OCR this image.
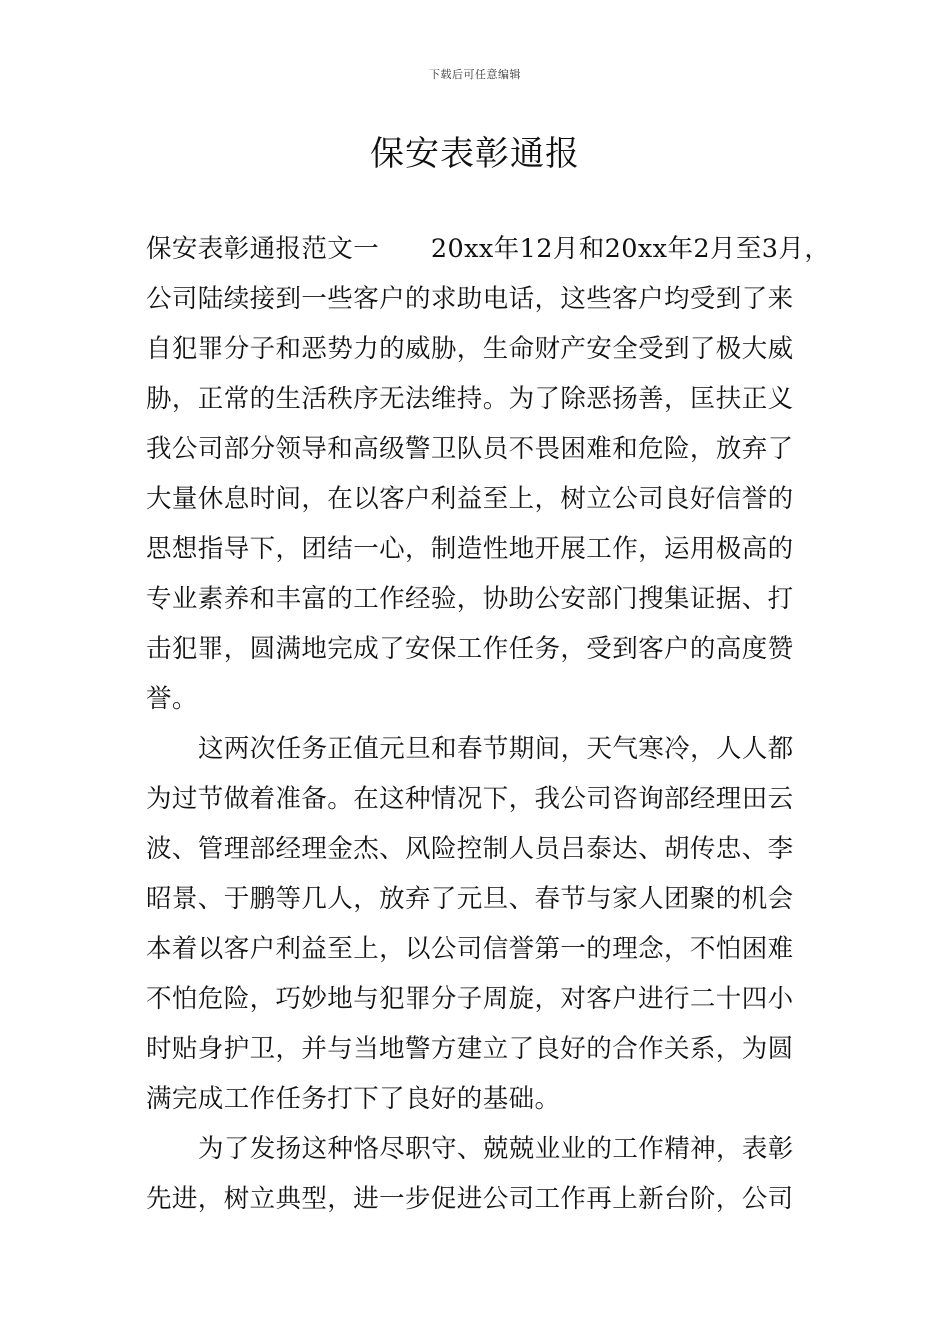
下载后可任意编辑
保安表彰通报
保安表彰通报范文一　　20xx年12月和20xx年2月至3月，
公司陆续接到一些客户的求助电话，这些客户均受到了来
自犯罪分子和恶势力的威胁，生命财产安全受到了极大威
胁，正常的生活秩序无法维持。为了除恶扬善，匡扶正义
我公司部分领导和高级警卫队员不畏困难和危险，放弃了
大量休息时间，在以客户利益至上，树立公司良好信誉的
思想指导下，团结一心，制造性地开展工作，运用极高的
专业素养和丰富的工作经验，协助公安部门搜集证据、打
击犯罪，圆满地完成了安保工作任务，受到客户的高度赞
誉。
这两次任务正值元旦和春节期间，天气寒冷，人人都
为过节做着准备。在这种情况下，我公司咨询部经理田云
波、管理部经理金杰、风险控制人员吕泰达、胡传忠、李
昭景、于鹏等几人，放弃了元旦、春节与家人团聚的机会
本着以客户利益至上，以公司信誉第一的理念，不怕困难
不怕危险，巧妙地与犯罪分子周旋，对客户进行二十四小
时贴身护卫，并与当地警方建立了良好的合作关系，为圆
满完成工作任务打下了良好的基础。
为了发扬这种恪尽职守、兢兢业业的工作精神，表彰
先进，树立典型，进一步促进公司工作再上新台阶，公司
